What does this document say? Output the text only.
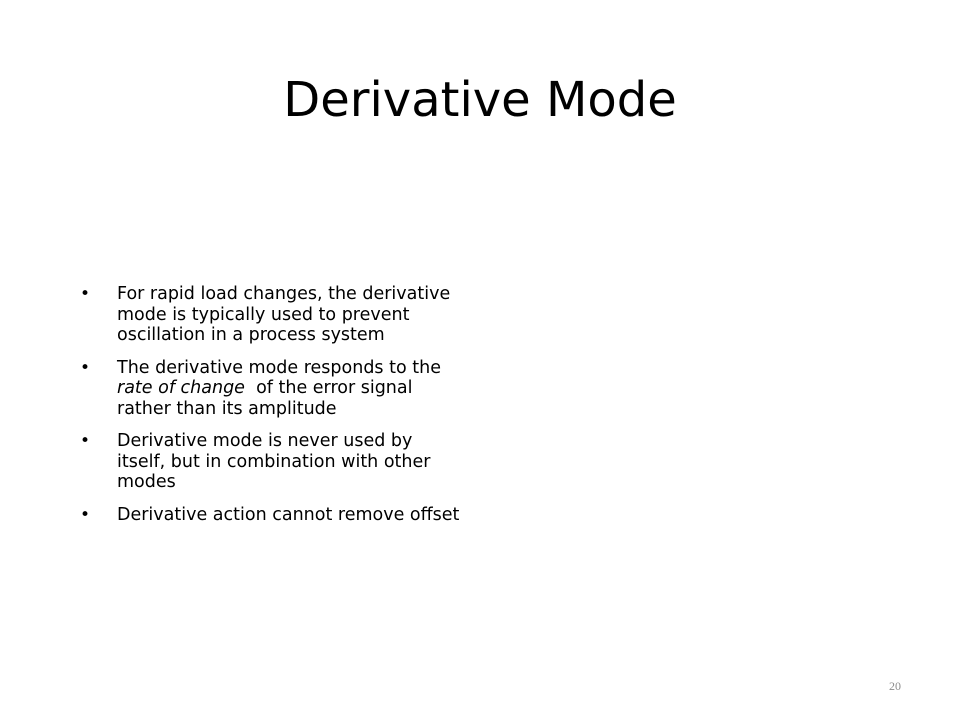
Derivative Mode
• For rapid load changes, the derivative mode is typically used to prevent oscillation in a process system
• The derivative mode responds to the rate of change  of the error signal rather than its amplitude
• Derivative mode is never used by itself, but in combination with other modes
• Derivative action cannot remove offset
20
